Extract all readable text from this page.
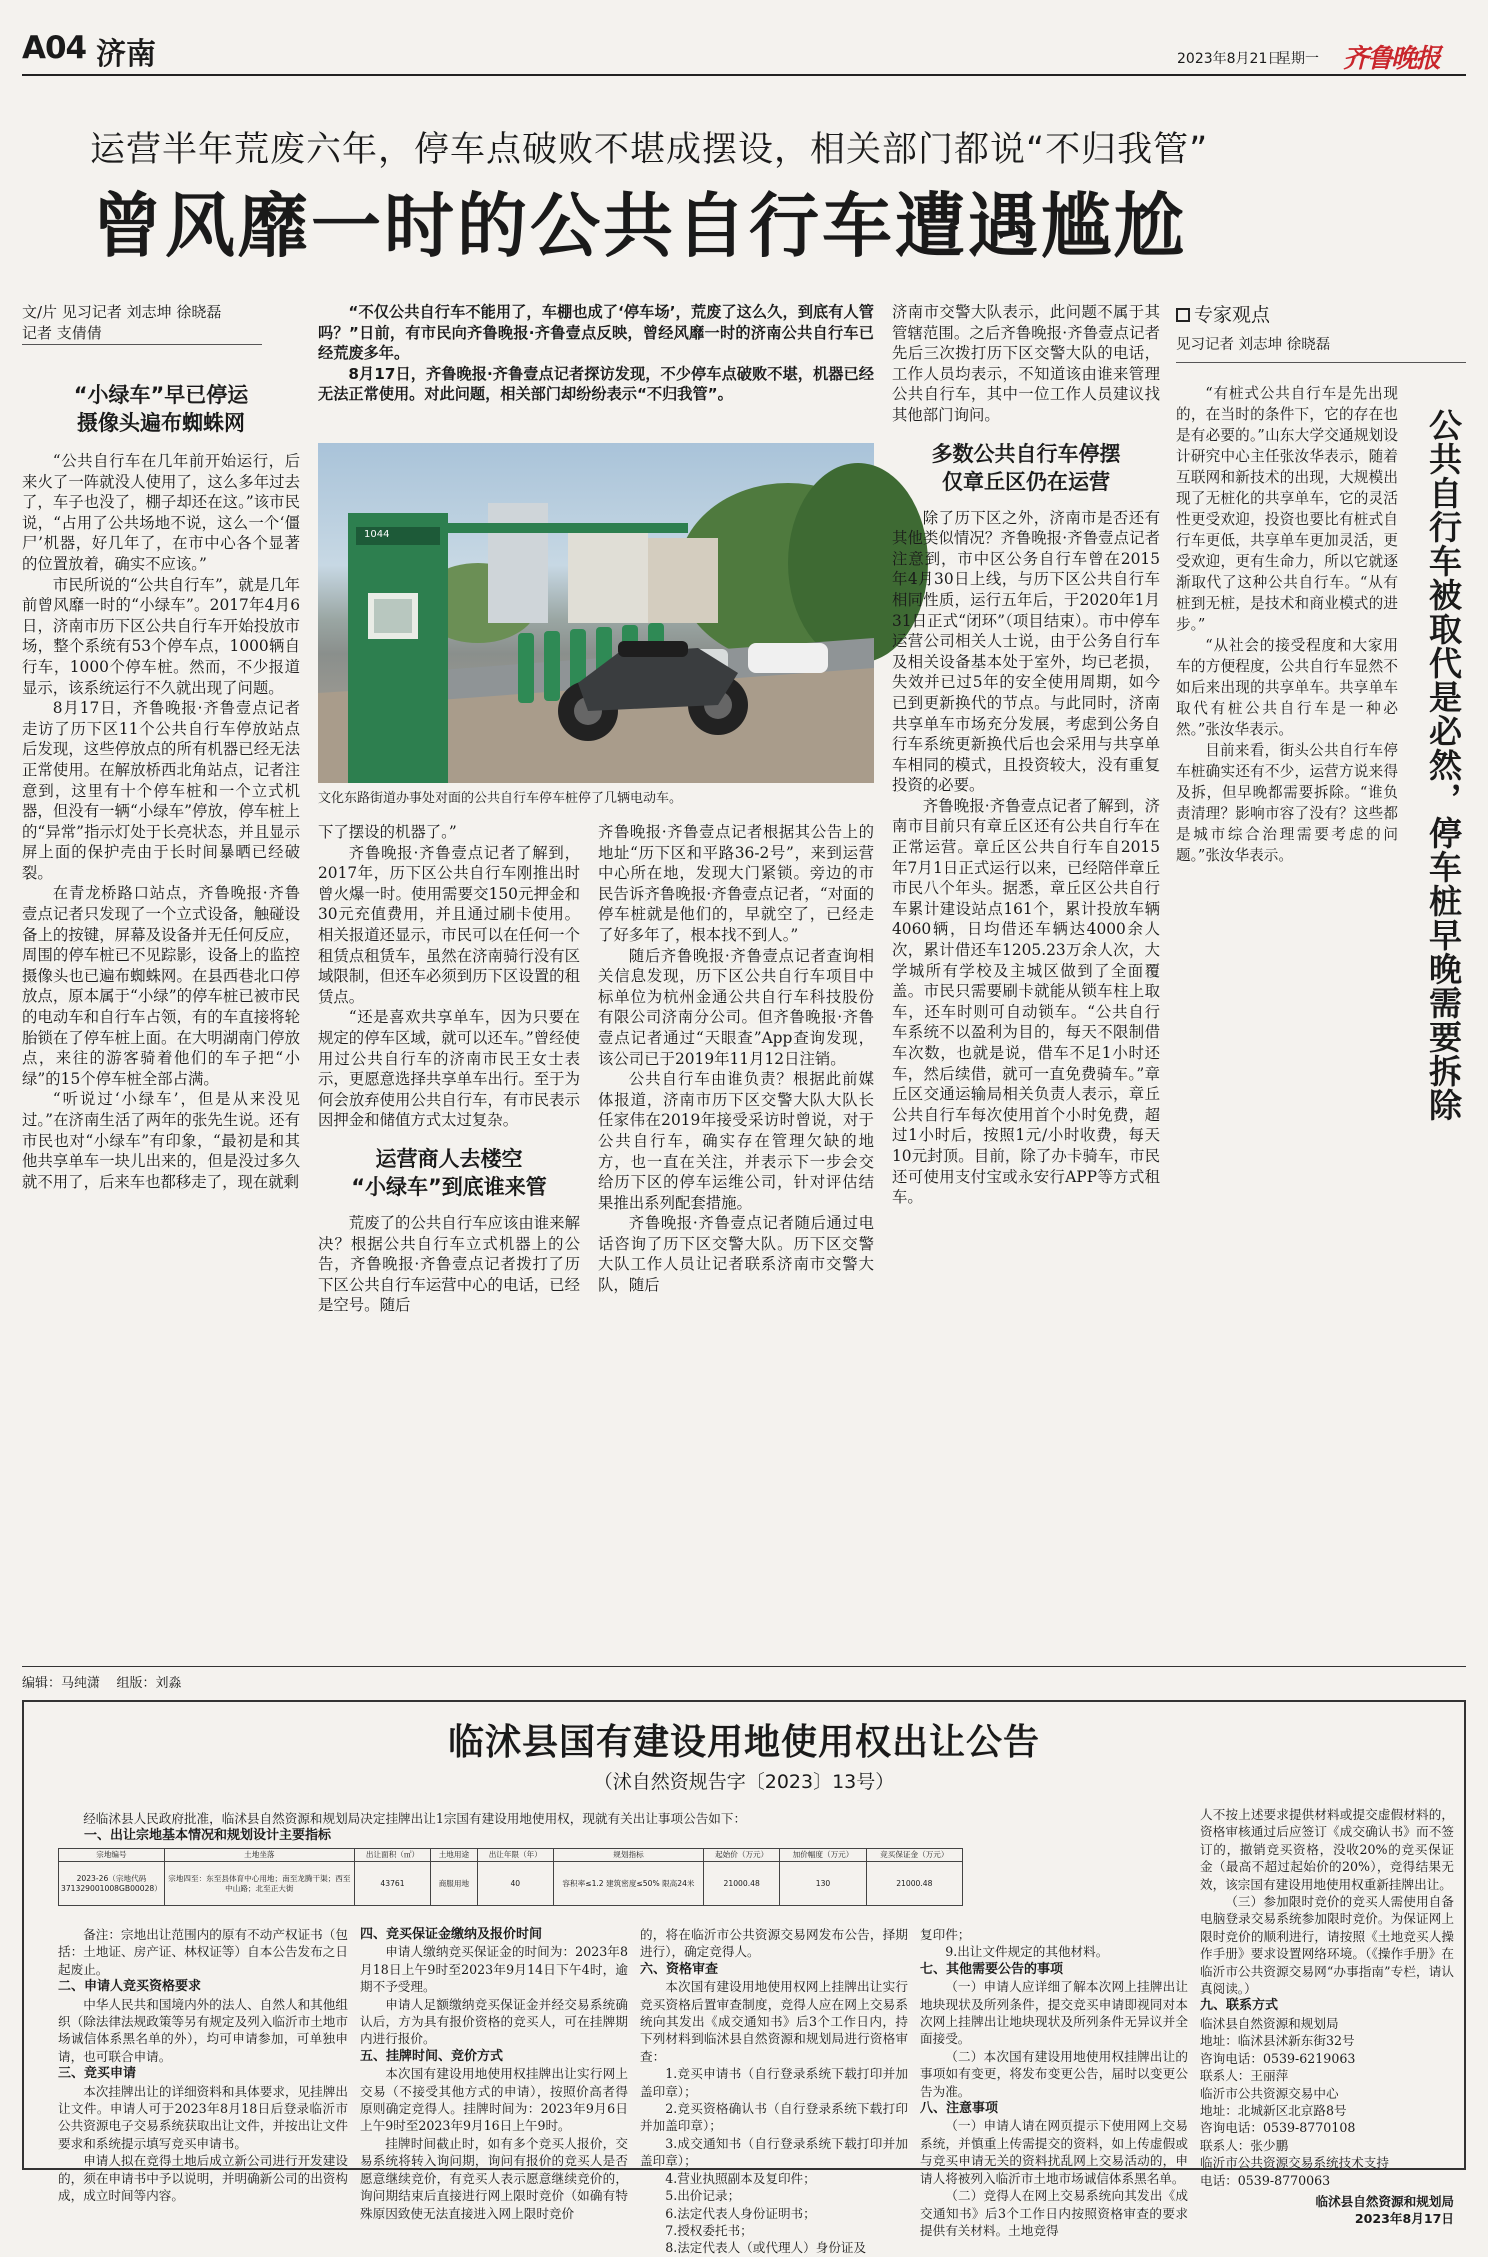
A04 济南	2023年8月21日
星期一 齐鲁晚报
运营半年荒废六年，停车点破败不堪成摆设，相关部门都说“不归我管”
曾风靡一时的公共自行车遭遇尴尬
文/片 见习记者 刘志坤 徐晓磊
记者 支倩倩
“小绿车”早已停运
摄像头遍布蜘蛛网

“公共自行车在几年前开始运行，后来火了一阵就没人使用了，这么多年过去了，车子也没了，棚子却还在这。”该市民说，“占用了公共场地不说，这么一个‘僵尸’机器，好几年了，在市中心各个显著的位置放着，确实不应该。”

市民所说的“公共自行车”，就是几年前曾风靡一时的“小绿车”。2017年4月6日，济南市历下区公共自行车开始投放市场，整个系统有53个停车点，1000辆自行车，1000个停车桩。然而，不少报道显示，该系统运行不久就出现了问题。

8月17日，齐鲁晚报·齐鲁壹点记者走访了历下区11个公共自行车停放站点后发现，这些停放点的所有机器已经无法正常使用。在解放桥西北角站点，记者注意到，这里有十个停车桩和一个立式机器，但没有一辆“小绿车”停放，停车桩上的“异常”指示灯处于长亮状态，并且显示屏上面的保护壳由于长时间暴晒已经破裂。

在青龙桥路口站点，齐鲁晚报·齐鲁壹点记者只发现了一个立式设备，触碰设备上的按键，屏幕及设备并无任何反应，周围的停车桩已不见踪影，设备上的监控摄像头也已遍布蜘蛛网。在县西巷北口停放点，原本属于“小绿”的停车桩已被市民的电动车和自行车占领，有的车直接将轮胎锁在了停车桩上面。在大明湖南门停放点，来往的游客骑着他们的车子把“小绿”的15个停车桩全部占满。

“听说过‘小绿车’，但是从来没见过。”在济南生活了两年的张先生说。还有市民也对“小绿车”有印象，“最初是和其他共享单车一块儿出来的，但是没过多久就不用了，后来车也都移走了，现在就剩

“不仅公共自行车不能用了，车棚也成了‘停车场’，荒废了这么久，到底有人管吗？”日前，有市民向齐鲁晚报·齐鲁壹点反映，曾经风靡一时的济南公共自行车已经荒废多年。

8月17日，齐鲁晚报·齐鲁壹点记者探访发现，不少停车点破败不堪，机器已经无法正常使用。对此问题，相关部门却纷纷表示“不归我管”。

1044
文化东路街道办事处对面的公共自行车停车桩停了几辆电动车。

下了摆设的机器了。”

齐鲁晚报·齐鲁壹点记者了解到，2017年，历下区公共自行车刚推出时曾火爆一时。使用需要交150元押金和30元充值费用，并且通过刷卡使用。相关报道还显示，市民可以在任何一个租赁点租赁车，虽然在济南骑行没有区域限制，但还车必须到历下区设置的租赁点。

“还是喜欢共享单车，因为只要在规定的停车区域，就可以还车。”曾经使用过公共自行车的济南市民王女士表示，更愿意选择共享单车出行。至于为何会放弃使用公共自行车，有市民表示因押金和储值方式太过复杂。

运营商人去楼空
“小绿车”到底谁来管

荒废了的公共自行车应该由谁来解决？根据公共自行车立式机器上的公告，齐鲁晚报·齐鲁壹点记者拨打了历下区公共自行车运营中心的电话，已经是空号。随后

齐鲁晚报·齐鲁壹点记者根据其公告上的地址“历下区和平路36-2号”，来到运营中心所在地，发现大门紧锁。旁边的市民告诉齐鲁晚报·齐鲁壹点记者，“对面的停车桩就是他们的，早就空了，已经走了好多年了，根本找不到人。”

随后齐鲁晚报·齐鲁壹点记者查询相关信息发现，历下区公共自行车项目中标单位为杭州金通公共自行车科技股份有限公司济南分公司。但齐鲁晚报·齐鲁壹点记者通过“天眼查”App查询发现，该公司已于2019年11月12日注销。

公共自行车由谁负责？根据此前媒体报道，济南市历下区交警大队大队长任家伟在2019年接受采访时曾说，对于公共自行车，确实存在管理欠缺的地方，也一直在关注，并表示下一步会交给历下区的停车运维公司，针对评估结果推出系列配套措施。

齐鲁晚报·齐鲁壹点记者随后通过电话咨询了历下区交警大队。历下区交警大队工作人员让记者联系济南市交警大队，随后

济南市交警大队表示，此问题不属于其管辖范围。之后齐鲁晚报·齐鲁壹点记者先后三次拨打历下区交警大队的电话，工作人员均表示，不知道该由谁来管理公共自行车，其中一位工作人员建议找其他部门询问。

多数公共自行车停摆
仅章丘区仍在运营

除了历下区之外，济南市是否还有其他类似情况？齐鲁晚报·齐鲁壹点记者注意到，市中区公务自行车曾在2015年4月30日上线，与历下区公共自行车相同性质，运行五年后，于2020年1月31日正式“闭环”（项目结束）。市中停车运营公司相关人士说，由于公务自行车及相关设备基本处于室外，均已老损，失效并已过5年的安全使用周期，如今已到更新换代的节点。与此同时，济南共享单车市场充分发展，考虑到公务自行车系统更新换代后也会采用与共享单车相同的模式，且投资较大，没有重复投资的必要。

齐鲁晚报·齐鲁壹点记者了解到，济南市目前只有章丘区还有公共自行车在正常运营。章丘区公共自行车自2015年7月1日正式运行以来，已经陪伴章丘市民八个年头。据悉，章丘区公共自行车累计建设站点161个，累计投放车辆4060辆，日均借还车辆达4000余人次，累计借还车1205.23万余人次，大学城所有学校及主城区做到了全面覆盖。市民只需要刷卡就能从锁车柱上取车，还车时则可自动锁车。“公共自行车系统不以盈利为目的，每天不限制借车次数，也就是说，借车不足1小时还车，然后续借，就可一直免费骑车。”章丘区交通运输局相关负责人表示，章丘公共自行车每次使用首个小时免费，超过1小时后，按照1元/小时收费，每天10元封顶。目前，除了办卡骑车，市民还可使用支付宝或永安行APP等方式租车。

专家观点
见习记者 刘志坤 徐晓磊
公共自行车被取代是必然，停车桩早晚需要拆除

“有桩式公共自行车是先出现的，在当时的条件下，它的存在也是有必要的。”山东大学交通规划设计研究中心主任张汝华表示，随着互联网和新技术的出现，大规模出现了无桩化的共享单车，它的灵活性更受欢迎，投资也要比有桩式自行车更低，共享单车更加灵活，更受欢迎，更有生命力，所以它就逐渐取代了这种公共自行车。“从有桩到无桩，是技术和商业模式的进步。”

“从社会的接受程度和大家用车的方便程度，公共自行车显然不如后来出现的共享单车。共享单车取代有桩公共自行车是一种必然。”张汝华表示。

目前来看，街头公共自行车停车桩确实还有不少，运营方说来得及拆，但早晚都需要拆除。“谁负责清理？影响市容了没有？这些都是城市综合治理需要考虑的问题。”张汝华表示。

编辑：马纯潇    组版：刘淼
临沭县国有建设用地使用权出让公告
（沭自然资规告字〔2023〕13号）

经临沭县人民政府批准，临沭县自然资源和规划局决定挂牌出让1宗国有建设用地使用权，现就有关出让事项公告如下：

一、出让宗地基本情况和规划设计主要指标
宗地编号	土地坐落	出让面积（㎡）	土地用途	出让年限（年）	规划指标	起始价（万元）	加价幅度（万元）	竞买保证金（万元）
2023-26（宗地代码371329001008GB00028）	宗地四至：东至县体育中心用地；南至龙腾干渠；西至中山路；北至正大街	43761	商服用地	40	容积率≤1.2 建筑密度≤50% 限高24米	21000.48	130	21000.48

备注：宗地出让范围内的原有不动产权证书（包括：土地证、房产证、林权证等）自本公告发布之日起废止。

二、申请人竞买资格要求

中华人民共和国境内外的法人、自然人和其他组织（除法律法规政策等另有规定及列入临沂市土地市场诚信体系黑名单的外），均可申请参加，可单独申请，也可联合申请。

三、竞买申请

本次挂牌出让的详细资料和具体要求，见挂牌出让文件。申请人可于2023年8月18日后登录临沂市公共资源电子交易系统获取出让文件，并按出让文件要求和系统提示填写竞买申请书。

申请人拟在竞得土地后成立新公司进行开发建设的，须在申请书中予以说明，并明确新公司的出资构成，成立时间等内容。

四、竞买保证金缴纳及报价时间

申请人缴纳竞买保证金的时间为：2023年8月18日上午9时至2023年9月14日下午4时，逾期不予受理。

申请人足额缴纳竞买保证金并经交易系统确认后，方为具有报价资格的竞买人，可在挂牌期内进行报价。

五、挂牌时间、竞价方式

本次国有建设用地使用权挂牌出让实行网上交易（不接受其他方式的申请），按照价高者得原则确定竞得人。挂牌时间为：2023年9月6日上午9时至2023年9月16日上午9时。

挂牌时间截止时，如有多个竞买人报价，交易系统将转入询问期，询问有报价的竞买人是否愿意继续竞价，有竞买人表示愿意继续竞价的，询问期结束后直接进行网上限时竞价（如确有特殊原因致使无法直接进入网上限时竞价

的，将在临沂市公共资源交易网发布公告，择期进行），确定竞得人。

六、资格审查

本次国有建设用地使用权网上挂牌出让实行竞买资格后置审查制度，竞得人应在网上交易系统向其发出《成交通知书》后3个工作日内，持下列材料到临沭县自然资源和规划局进行资格审查：

1.竞买申请书（自行登录系统下载打印并加盖印章）；

2.竞买资格确认书（自行登录系统下载打印并加盖印章）；

3.成交通知书（自行登录系统下载打印并加盖印章）；

4.营业执照副本及复印件；

5.出价记录；

6.法定代表人身份证明书；

7.授权委托书；

8.法定代表人（或代理人）身份证及

复印件；

9.出让文件规定的其他材料。

七、其他需要公告的事项

（一）申请人应详细了解本次网上挂牌出让地块现状及所列条件，提交竞买申请即视同对本次网上挂牌出让地块现状及所列条件无异议并全面接受。

（二）本次国有建设用地使用权挂牌出让的事项如有变更，将发布变更公告，届时以变更公告为准。

八、注意事项

（一）申请人请在网页提示下使用网上交易系统，并慎重上传需提交的资料，如上传虚假或与竞买申请无关的资料扰乱网上交易活动的，申请人将被列入临沂市土地市场诚信体系黑名单。

（二）竞得人在网上交易系统向其发出《成交通知书》后3个工作日内按照资格审查的要求提供有关材料。土地竞得

人不按上述要求提供材料或提交虚假材料的，资格审核通过后应签订《成交确认书》而不签订的，撤销竞买资格，没收20%的竞买保证金（最高不超过起始价的20%），竞得结果无效，该宗国有建设用地使用权重新挂牌出让。

（三）参加限时竞价的竞买人需使用自备电脑登录交易系统参加限时竞价。为保证网上限时竞价的顺利进行，请按照《土地竞买人操作手册》要求设置网络环境。（《操作手册》在临沂市公共资源交易网“办事指南”专栏，请认真阅读。）

九、联系方式
临沭县自然资源和规划局
地址：临沭县沭新东街32号
咨询电话：0539-6219063
联系人：王丽萍
临沂市公共资源交易中心
地址：北城新区北京路8号
咨询电话：0539-8770108
联系人：张少鹏
临沂市公共资源交易系统技术支持
电话：0539-8770063
临沭县自然资源和规划局
2023年8月17日
